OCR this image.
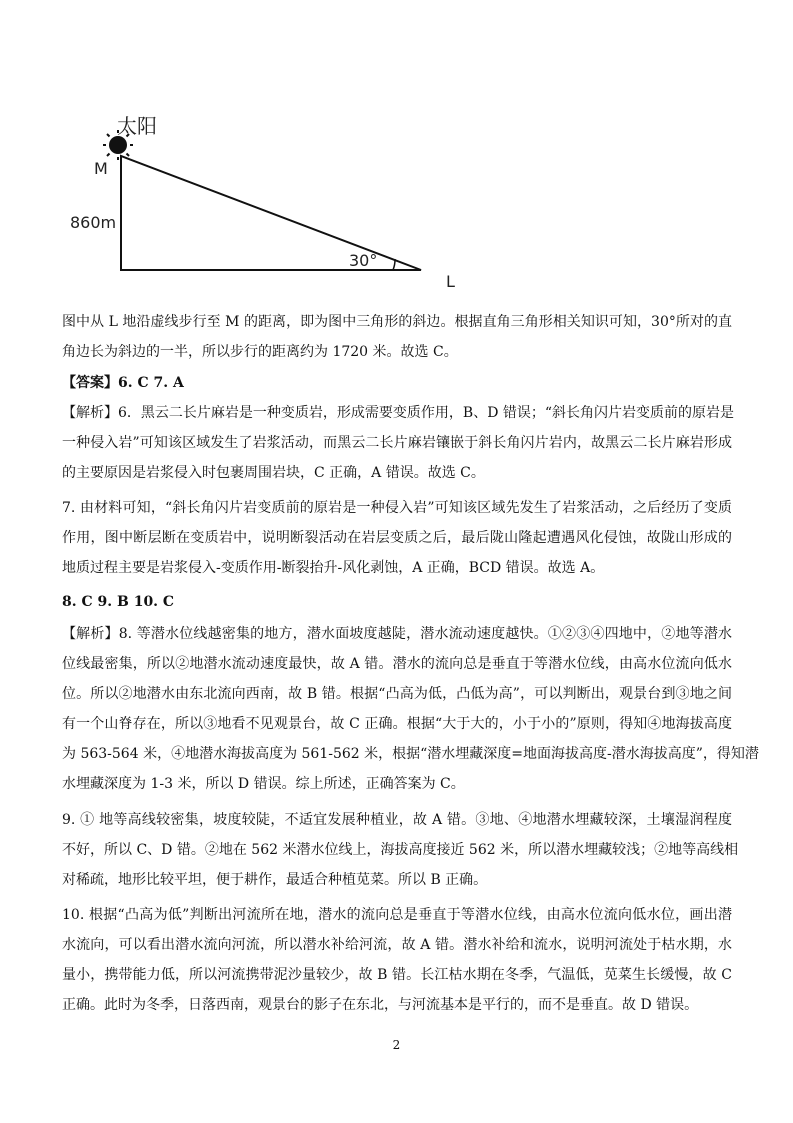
太阳
M
860m
30°
L
图中从 L 地沿虚线步行至 M 的距离，即为图中三角形的斜边。根据直角三角形相关知识可知，30°所对的直
角边长为斜边的一半，所以步行的距离约为 1720 米。故选 C。
【答案】6. C 7. A
【解析】6．黑云二长片麻岩是一种变质岩，形成需要变质作用，B、D 错误；“斜长角闪片岩变质前的原岩是
一种侵入岩”可知该区域发生了岩浆活动，而黑云二长片麻岩镶嵌于斜长角闪片岩内，故黑云二长片麻岩形成
的主要原因是岩浆侵入时包裹周围岩块，C 正确，A 错误。故选 C。
7. 由材料可知，“斜长角闪片岩变质前的原岩是一种侵入岩”可知该区域先发生了岩浆活动，之后经历了变质
作用，图中断层断在变质岩中，说明断裂活动在岩层变质之后，最后陇山隆起遭遇风化侵蚀，故陇山形成的
地质过程主要是岩浆侵入-变质作用-断裂抬升-风化剥蚀，A 正确，BCD 错误。故选 A。
8. C 9. B 10. C
【解析】8. 等潜水位线越密集的地方，潜水面坡度越陡，潜水流动速度越快。①②③④四地中，②地等潜水
位线最密集，所以②地潜水流动速度最快，故 A 错。潜水的流向总是垂直于等潜水位线，由高水位流向低水
位。所以②地潜水由东北流向西南，故 B 错。根据“凸高为低，凸低为高”，可以判断出，观景台到③地之间
有一个山脊存在，所以③地看不见观景台，故 C 正确。根据“大于大的，小于小的”原则，得知④地海拔高度
为 563-564 米，④地潜水海拔高度为 561-562 米，根据“潜水埋藏深度=地面海拔高度-潜水海拔高度”，得知潜
水埋藏深度为 1-3 米，所以 D 错误。综上所述，正确答案为 C。
9. ① 地等高线较密集，坡度较陡，不适宜发展种植业，故 A 错。③地、④地潜水埋藏较深，土壤湿润程度
不好，所以 C、D 错。②地在 562 米潜水位线上，海拔高度接近 562 米，所以潜水埋藏较浅；②地等高线相
对稀疏，地形比较平坦，便于耕作，最适合种植苋菜。所以 B 正确。
10. 根据“凸高为低”判断出河流所在地，潜水的流向总是垂直于等潜水位线，由高水位流向低水位，画出潜
水流向，可以看出潜水流向河流，所以潜水补给河流，故 A 错。潜水补给和流水，说明河流处于枯水期，水
量小，携带能力低，所以河流携带泥沙量较少，故 B 错。长江枯水期在冬季，气温低，苋菜生长缓慢，故 C
正确。此时为冬季，日落西南，观景台的影子在东北，与河流基本是平行的，而不是垂直。故 D 错误。
2
